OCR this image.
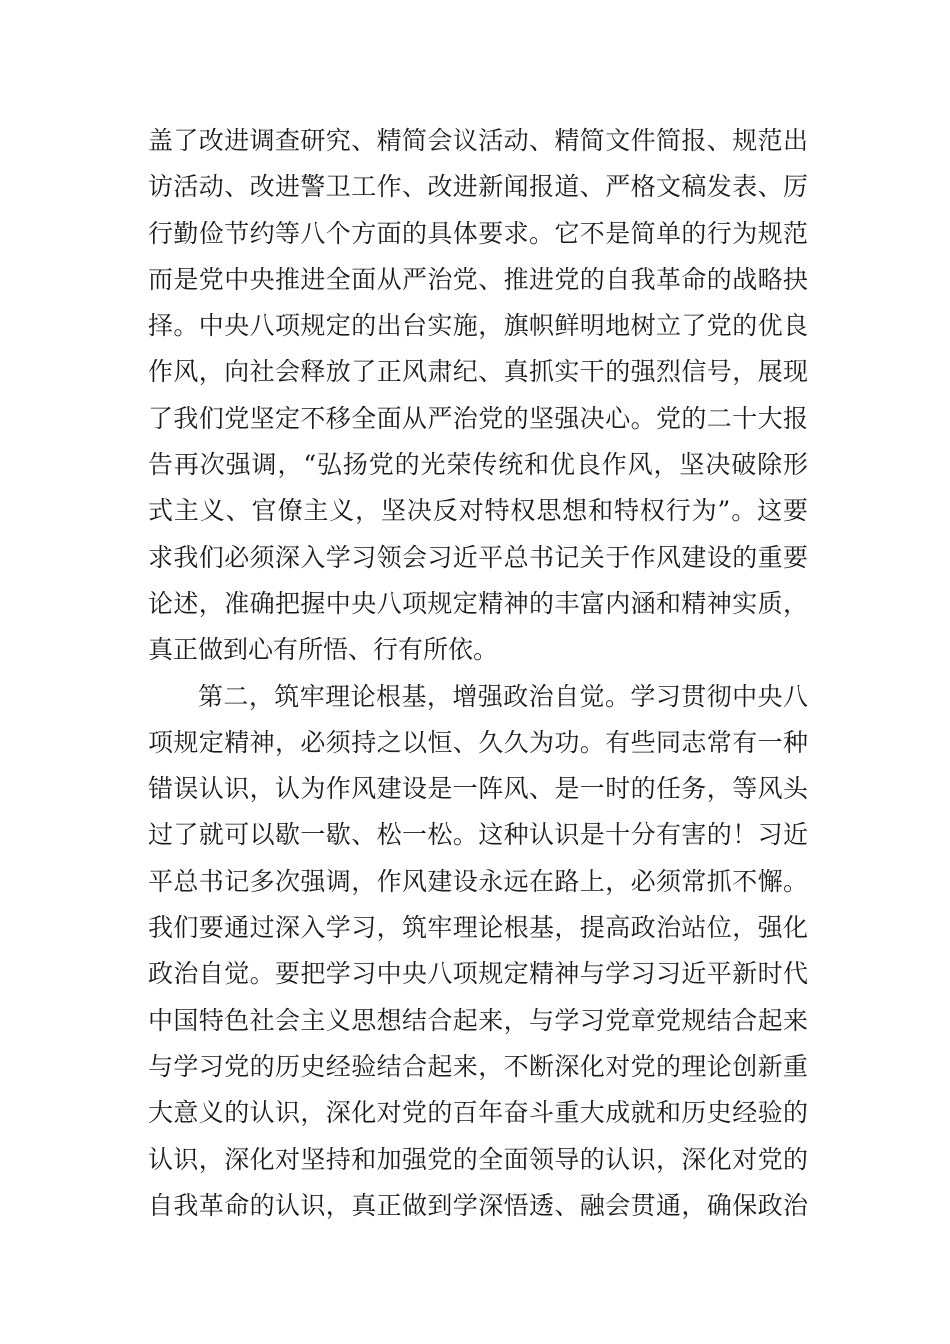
盖了改进调查研究、精简会议活动、精简文件简报、规范出
访活动、改进警卫工作、改进新闻报道、严格文稿发表、厉
行勤俭节约等八个方面的具体要求。它不是简单的行为规范
而是党中央推进全面从严治党、推进党的自我革命的战略抉
择。中央八项规定的出台实施，旗帜鲜明地树立了党的优良
作风，向社会释放了正风肃纪、真抓实干的强烈信号，展现
了我们党坚定不移全面从严治党的坚强决心。党的二十大报
告再次强调，“弘扬党的光荣传统和优良作风，坚决破除形
式主义、官僚主义，坚决反对特权思想和特权行为”。这要
求我们必须深入学习领会习近平总书记关于作风建设的重要
论述，准确把握中央八项规定精神的丰富内涵和精神实质，
真正做到心有所悟、行有所依。
第二，筑牢理论根基，增强政治自觉。学习贯彻中央八
项规定精神，必须持之以恒、久久为功。有些同志常有一种
错误认识，认为作风建设是一阵风、是一时的任务，等风头
过了就可以歇一歇、松一松。这种认识是十分有害的！习近
平总书记多次强调，作风建设永远在路上，必须常抓不懈。
我们要通过深入学习，筑牢理论根基，提高政治站位，强化
政治自觉。要把学习中央八项规定精神与学习习近平新时代
中国特色社会主义思想结合起来，与学习党章党规结合起来
与学习党的历史经验结合起来，不断深化对党的理论创新重
大意义的认识，深化对党的百年奋斗重大成就和历史经验的
认识，深化对坚持和加强党的全面领导的认识，深化对党的
自我革命的认识，真正做到学深悟透、融会贯通，确保政治
